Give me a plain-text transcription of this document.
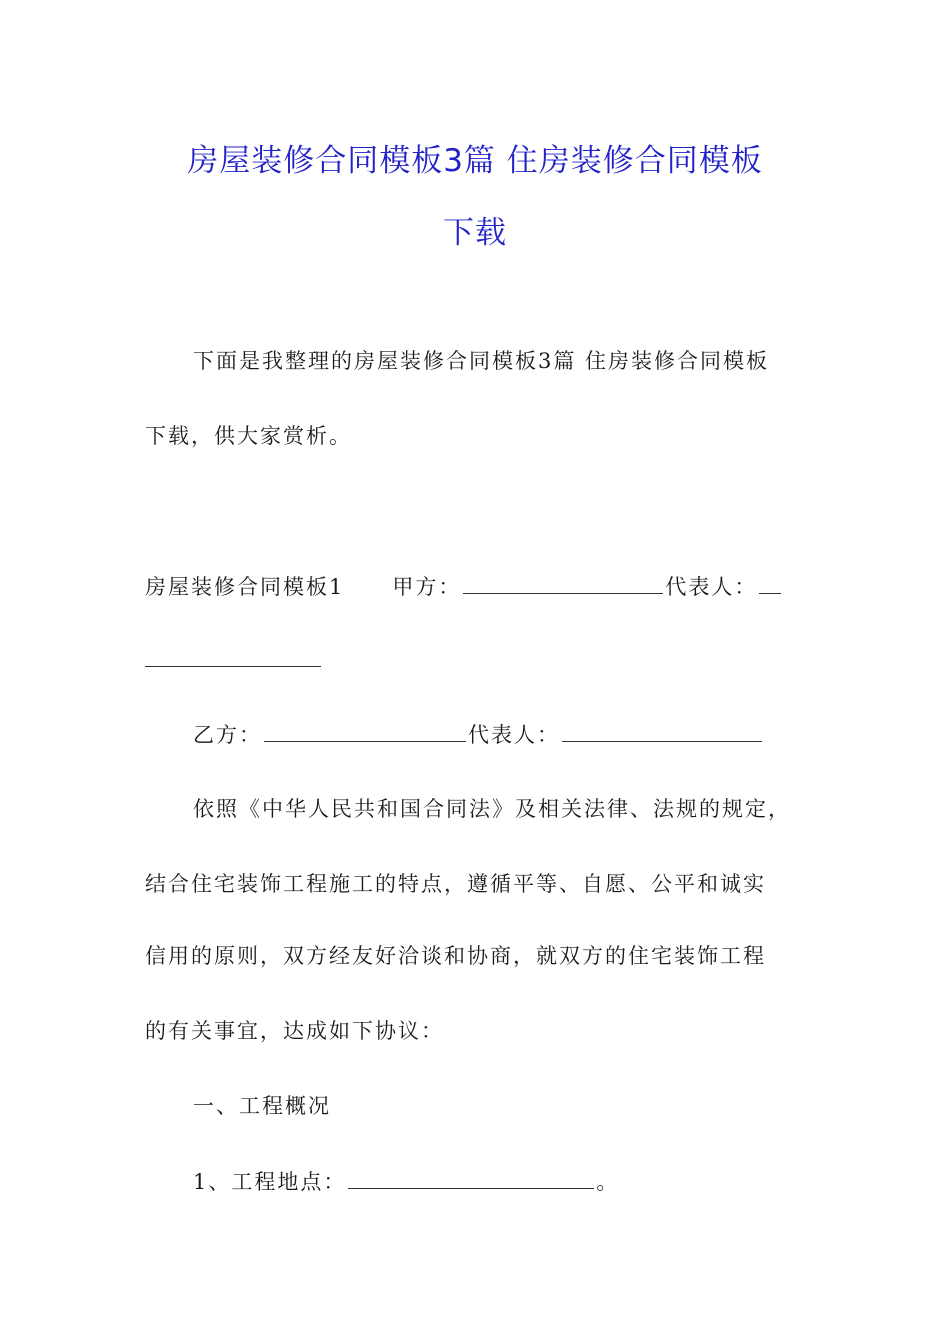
房屋装修合同模板3篇 住房装修合同模板
下载
下面是我整理的房屋装修合同模板3篇 住房装修合同模板
下载，供大家赏析。
房屋装修合同模板1 甲方：	代表人：
乙方：	代表人：
依照《中华人民共和国合同法》及相关法律、法规的规定，
结合住宅装饰工程施工的特点，遵循平等、自愿、公平和诚实
信用的原则，双方经友好洽谈和协商，就双方的住宅装饰工程
的有关事宜，达成如下协议：
一、工程概况
1、工程地点：	。
